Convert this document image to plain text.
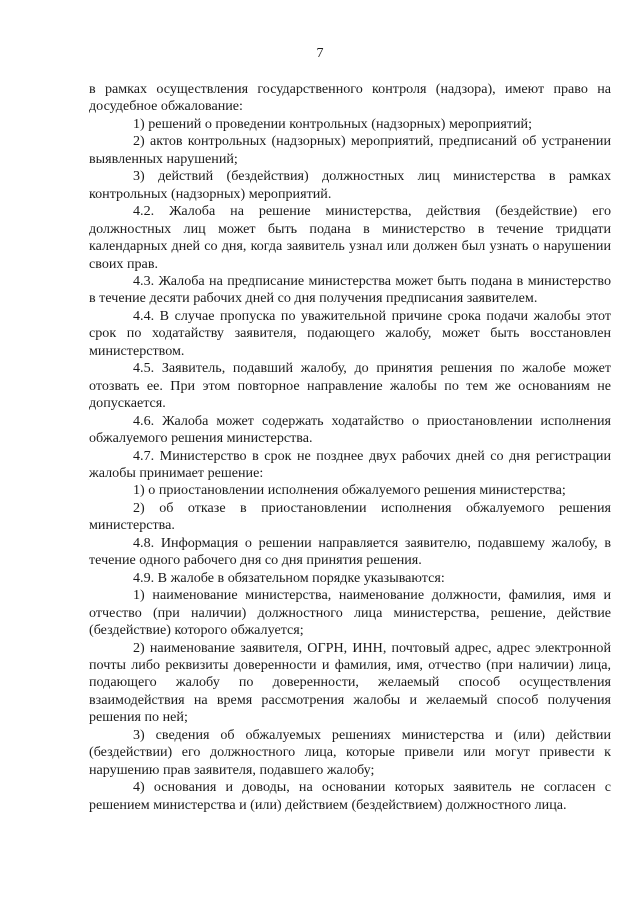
7

в рамках осуществления государственного контроля (надзора), имеют право на досудебное обжалование:

1) решений о проведении контрольных (надзорных) мероприятий;

2) актов контрольных (надзорных) мероприятий, предписаний об устранении выявленных нарушений;

3) действий (бездействия) должностных лиц министерства в рамках контрольных (надзорных) мероприятий.

4.2. Жалоба на решение министерства, действия (бездействие) его должностных лиц может быть подана в министерство в течение тридцати календарных дней со дня, когда заявитель узнал или должен был узнать о нарушении своих прав.

4.3. Жалоба на предписание министерства может быть подана в министерство в течение десяти рабочих дней со дня получения предписания заявителем.

4.4. В случае пропуска по уважительной причине срока подачи жалобы этот срок по ходатайству заявителя, подающего жалобу, может быть восстановлен министерством.

4.5. Заявитель, подавший жалобу, до принятия решения по жалобе может отозвать ее. При этом повторное направление жалобы по тем же основаниям не допускается.

4.6. Жалоба может содержать ходатайство о приостановлении исполнения обжалуемого решения министерства.

4.7. Министерство в срок не позднее двух рабочих дней со дня регистрации жалобы принимает решение:

1) о приостановлении исполнения обжалуемого решения министерства;

2) об отказе в приостановлении исполнения обжалуемого решения министерства.

4.8. Информация о решении направляется заявителю, подавшему жалобу, в течение одного рабочего дня со дня принятия решения.

4.9. В жалобе в обязательном порядке указываются:

1) наименование министерства, наименование должности, фамилия, имя и отчество (при наличии) должностного лица министерства, решение, действие (бездействие) которого обжалуется;

2) наименование заявителя, ОГРН, ИНН, почтовый адрес, адрес электронной почты либо реквизиты доверенности и фамилия, имя, отчество (при наличии) лица, подающего жалобу по доверенности, желаемый способ осуществления взаимодействия на время рассмотрения жалобы и желаемый способ получения решения по ней;

3) сведения об обжалуемых решениях министерства и (или) действии (бездействии) его должностного лица, которые привели или могут привести к нарушению прав заявителя, подавшего жалобу;

4) основания и доводы, на основании которых заявитель не согласен с решением министерства и (или) действием (бездействием) должностного лица.
